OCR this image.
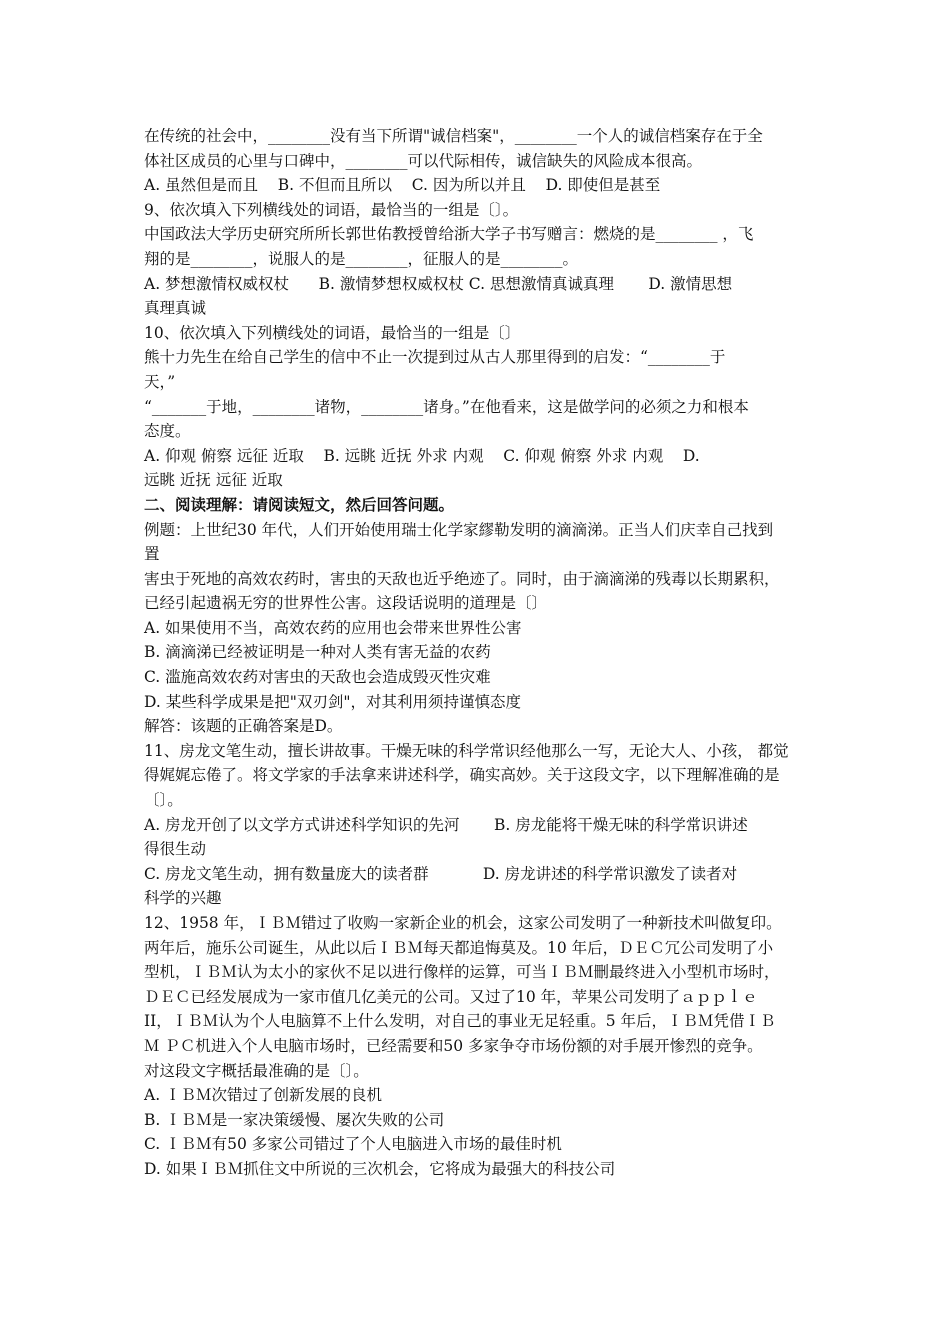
在传统的社会中，________没有当下所谓"诚信档案"，________一个人的诚信档案存在于全
体社区成员的心里与口碑中，________可以代际相传，诚信缺失的风险成本很高。
A. 虽然但是而且    B. 不但而且所以    C. 因为所以并且    D. 即使但是甚至
9、依次填入下列横线处的词语，最恰当的一组是〔〕。
中国政法大学历史研究所所长郭世佑教授曾给浙大学子书写赠言：燃烧的是________ ，飞
翔的是________，说服人的是________，征服人的是________。
A. 梦想激情权威权杖      B. 激情梦想权威权杖 C. 思想激情真诚真理       D. 激情思想
真理真诚
10、依次填入下列横线处的词语，最恰当的一组是〔〕
熊十力先生在给自己学生的信中不止一次提到过从古人那里得到的启发：“________于
天，”
“_______于地，________诸物，________诸身。”在他看来，这是做学问的必须之力和根本
态度。
A. 仰观 俯察 远征 近取    B. 远眺 近抚 外求 内观    C. 仰观 俯察 外求 内观    D.
远眺 近抚 远征 近取
二、阅读理解：请阅读短文，然后回答问题。
例题：上世纪30 年代，人们开始使用瑞士化学家繆勒发明的滴滴涕。正当人们庆幸自己找到
置
害虫于死地的高效农药时，害虫的天敌也近乎绝迹了。同时，由于滴滴涕的残毒以长期累积，
已经引起遗祸无穷的世界性公害。这段话说明的道理是〔〕
A. 如果使用不当，高效农药的应用也会带来世界性公害
B. 滴滴涕已经被证明是一种对人类有害无益的农药
C. 滥施高效农药对害虫的天敌也会造成毁灭性灾难
D. 某些科学成果是把"双刃剑"，对其利用须持谨慎态度
解答：该题的正确答案是D。
11、房龙文笔生动，擅长讲故事。干燥无味的科学常识经他那么一写，无论大人、小孩， 都觉
得娓娓忘倦了。将文学家的手法拿来讲述科学，确实高妙。关于这段文字，以下理解准确的是
〔〕。
A. 房龙开创了以文学方式讲述科学知识的先河       B. 房龙能将干燥无味的科学常识讲述
得很生动
C. 房龙文笔生动，拥有数量庞大的读者群           D. 房龙讲述的科学常识激发了读者对
科学的兴趣
12、1958 年，ＩＢＭ错过了收购一家新企业的机会，这家公司发明了一种新技术叫做复印。
两年后，施乐公司诞生，从此以后ＩＢＭ每天都追悔莫及。10 年后，ＤＥＣ冗公司发明了小
型机，ＩＢＭ认为太小的家伙不足以进行像样的运算，可当ＩＢＭ刪最终进入小型机市场时，
ＤＥＣ已经发展成为一家市值几亿美元的公司。又过了10 年，苹果公司发明了ａｐｐｌｅ
II，ＩＢＭ认为个人电脑算不上什么发明，对自己的事业无足轻重。5 年后，ＩＢＭ凭借ＩＢ
Ｍ ＰＣ机进入个人电脑市场时，已经需要和50 多家争夺市场份额的对手展开惨烈的竞争。
对这段文字概括最准确的是〔〕。
A. ＩＢＭ次错过了创新发展的良机
B. ＩＢＭ是一家决策缓慢、屡次失败的公司
C. ＩＢＭ有50 多家公司错过了个人电脑进入市场的最佳时机
D. 如果ＩＢＭ抓住文中所说的三次机会，它将成为最强大的科技公司
